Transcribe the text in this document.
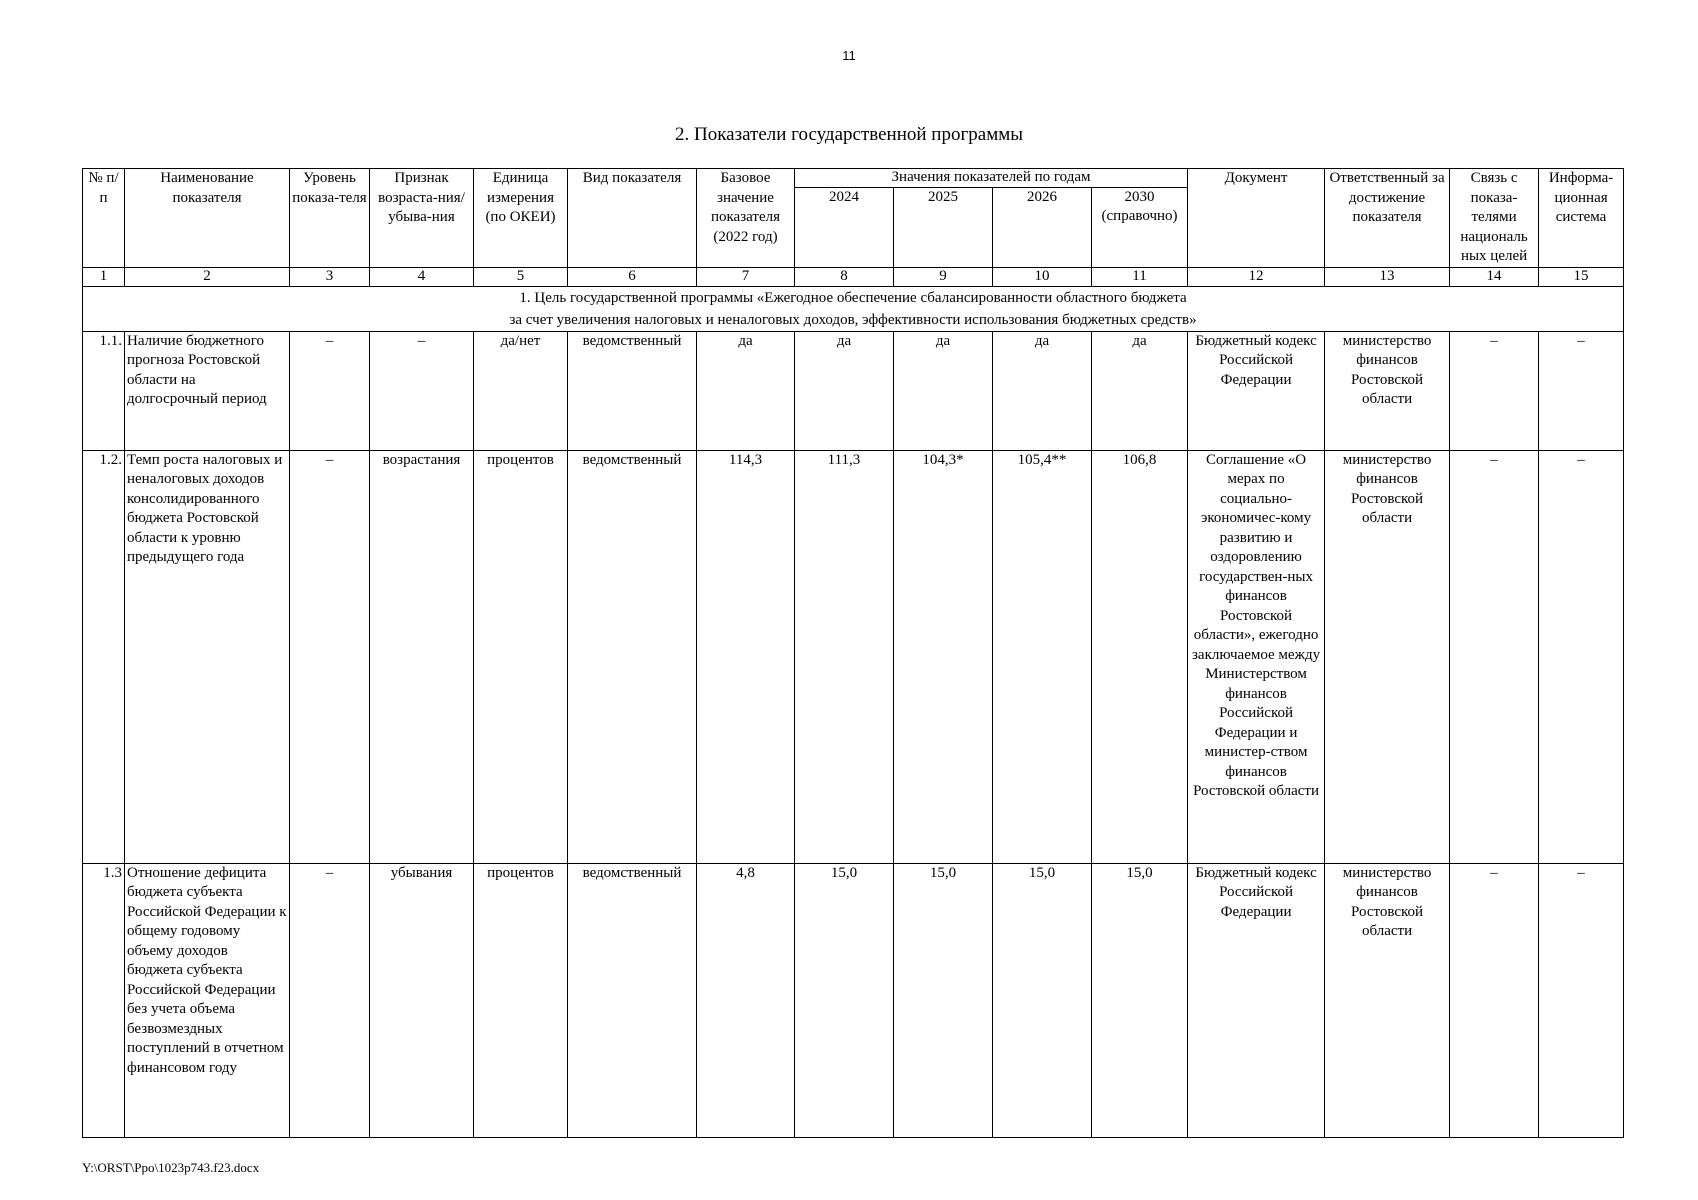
11
2. Показатели государственной программы
№ п/п	Наименование показателя	Уровень показа-теля	Признак возраста-ния/убыва-ния	Единица измерения (по ОКЕИ)	Вид показателя	Базовое значение показателя (2022 год)	Значения показателей по годам				Документ	Ответственный за достижение показателя	Связь с показа-телями националь ных целей	Информа-ционная система
							2024	2025	2026	2030 (справочно)				
1	2	3	4	5	6	7	8	9	10	11	12	13	14	15

1. Цель государственной программы «Ежегодное обеспечение сбалансированности областного бюджета
за счет увеличения налоговых и неналоговых доходов, эффективности использования бюджетных средств»														

1.1.	Наличие бюджетного прогноза Ростовской области на долгосрочный период	–	–	да/нет	ведомственный	да	да	да	да	да	Бюджетный кодекс Российской Федерации	министерство финансов Ростовской области	–	–
1.2.	Темп роста налоговых и неналоговых доходов консолидированного бюджета Ростовской области к уровню предыдущего года	–	возрастания	процентов	ведомственный	114,3	111,3	104,3*	105,4**	106,8	Соглашение «О мерах по социально-экономичес-кому развитию и оздоровлению государствен-ных финансов Ростовской области», ежегодно заключаемое между Министерством финансов Российской Федерации и министер-ством финансов Ростовской области	министерство финансов Ростовской области	–	–
1.3	Отношение дефицита бюджета субъекта Российской Федерации к общему годовому объему доходов бюджета субъекта Российской Федерации без учета объема безвозмездных поступлений в отчетном финансовом году	–	убывания	процентов	ведомственный	4,8	15,0	15,0	15,0	15,0	Бюджетный кодекс Российской Федерации	министерство финансов Ростовской области	–	–
Y:\ORST\Ppo\1023p743.f23.docx
